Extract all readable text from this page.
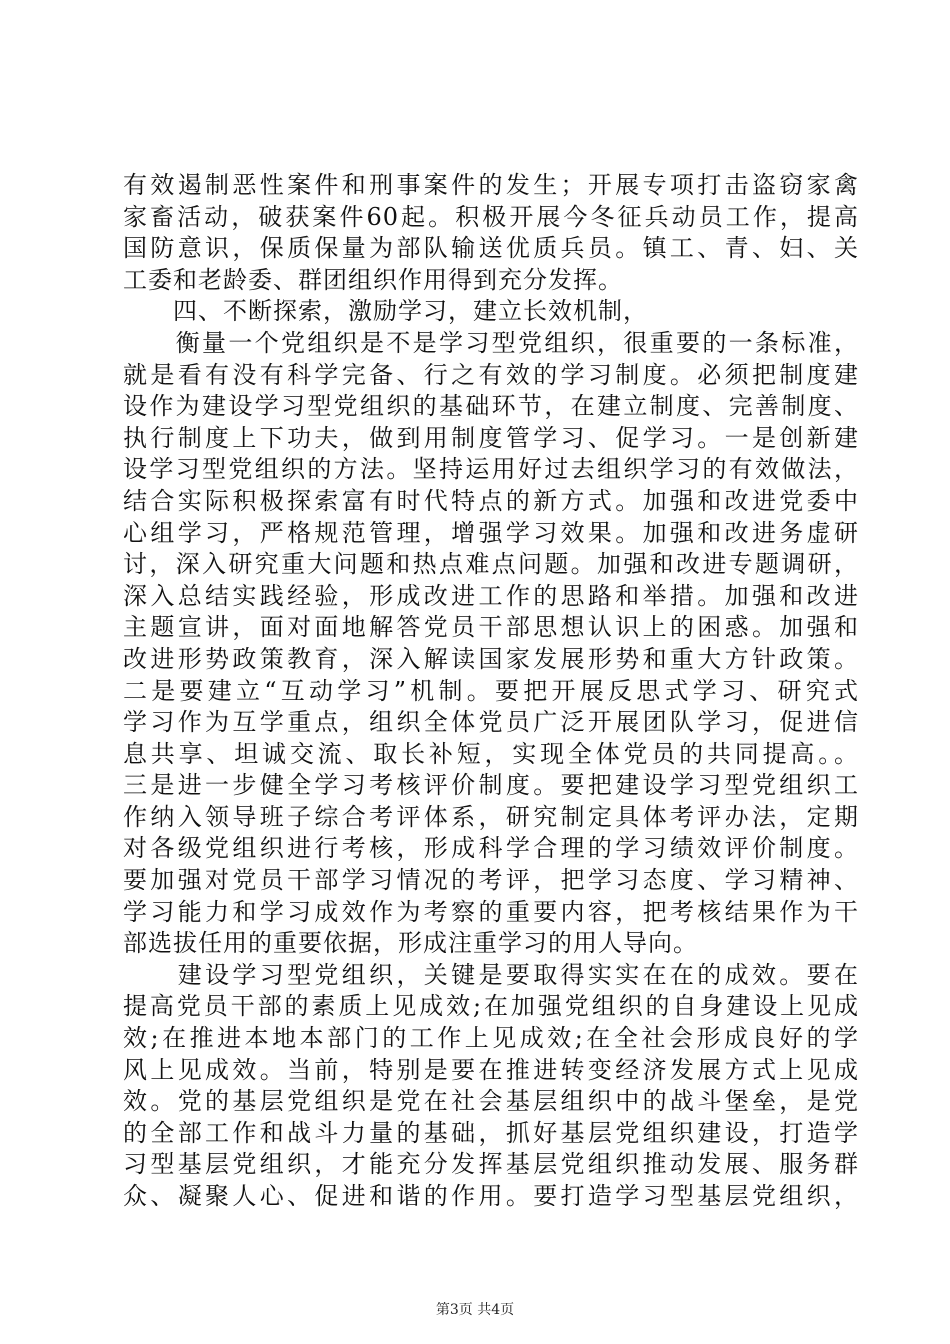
有效遏制恶性案件和刑事案件的发生；开展专项打击盗窃家禽
家畜活动，破获案件60起。积极开展今冬征兵动员工作，提高
国防意识，保质保量为部队输送优质兵员。镇工、青、妇、关
工委和老龄委、群团组织作用得到充分发挥。
　　四、不断探索，激励学习，建立长效机制，
　　衡量一个党组织是不是学习型党组织，很重要的一条标准，
就是看有没有科学完备、行之有效的学习制度。必须把制度建
设作为建设学习型党组织的基础环节，在建立制度、完善制度、
执行制度上下功夫，做到用制度管学习、促学习。一是创新建
设学习型党组织的方法。坚持运用好过去组织学习的有效做法，
结合实际积极探索富有时代特点的新方式。加强和改进党委中
心组学习，严格规范管理，增强学习效果。加强和改进务虚研
讨，深入研究重大问题和热点难点问题。加强和改进专题调研，
深入总结实践经验，形成改进工作的思路和举措。加强和改进
主题宣讲，面对面地解答党员干部思想认识上的困惑。加强和
改进形势政策教育，深入解读国家发展形势和重大方针政策。
二是要建立“互动学习”机制。要把开展反思式学习、研究式
学习作为互学重点，组织全体党员广泛开展团队学习，促进信
息共享、坦诚交流、取长补短，实现全体党员的共同提高。。
三是进一步健全学习考核评价制度。要把建设学习型党组织工
作纳入领导班子综合考评体系，研究制定具体考评办法，定期
对各级党组织进行考核，形成科学合理的学习绩效评价制度。
要加强对党员干部学习情况的考评，把学习态度、学习精神、
学习能力和学习成效作为考察的重要内容，把考核结果作为干
部选拔任用的重要依据，形成注重学习的用人导向。
　　建设学习型党组织，关键是要取得实实在在的成效。要在
提高党员干部的素质上见成效;在加强党组织的自身建设上见成
效;在推进本地本部门的工作上见成效;在全社会形成良好的学
风上见成效。当前，特别是要在推进转变经济发展方式上见成
效。党的基层党组织是党在社会基层组织中的战斗堡垒，是党
的全部工作和战斗力量的基础，抓好基层党组织建设，打造学
习型基层党组织，才能充分发挥基层党组织推动发展、服务群
众、凝聚人心、促进和谐的作用。要打造学习型基层党组织，
第3页 共4页
